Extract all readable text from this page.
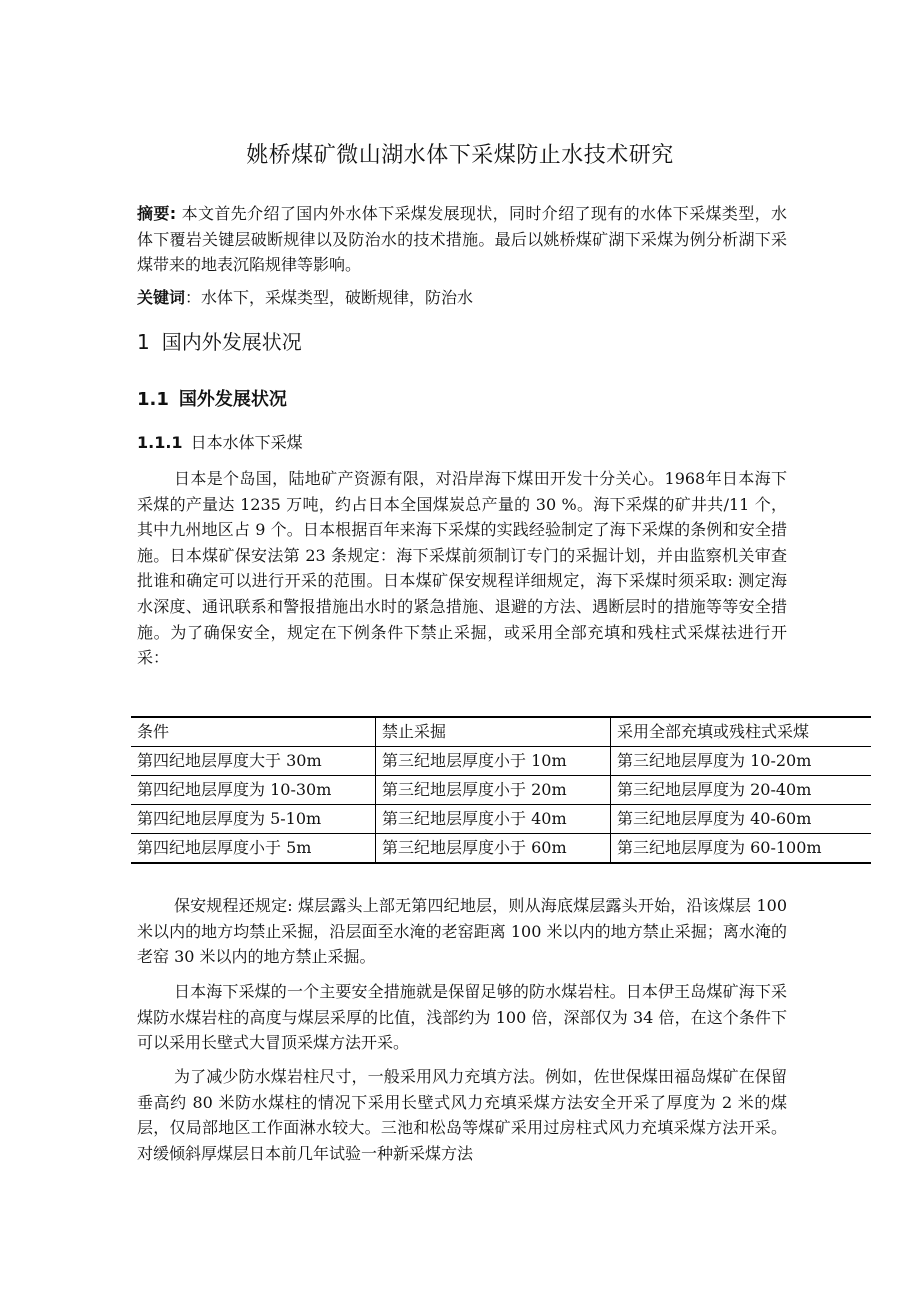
姚桥煤矿微山湖水体下采煤防止水技术研究
摘要: 本文首先介绍了国内外水体下采煤发展现状，同时介绍了现有的水体下采煤类型，水体下覆岩关键层破断规律以及防治水的技术措施。最后以姚桥煤矿湖下采煤为例分析湖下采煤带来的地表沉陷规律等影响。
关键词：水体下，采煤类型，破断规律，防治水
1 国内外发展状况
1.1 国外发展状况
1.1.1 日本水体下采煤
日本是个岛国，陆地矿产资源有限，对沿岸海下煤田开发十分关心。1968年日本海下采煤的产量达 1235 万吨，约占日本全国煤炭总产量的 30 %。海下采煤的矿井共/11 个，其中九州地区占 9 个。日本根据百年来海下采煤的实践经验制定了海下采煤的条例和安全措施。日本煤矿保安法第 23 条规定：海下采煤前须制订专门的采掘计划，并由监察机关审查批谁和确定可以进行开采的范围。日本煤矿保安规程详细规定，海下采煤时须采取: 测定海水深度、通讯联系和警报措施出水时的紧急措施、退避的方法、遇断层时的措施等等安全措施。为了确保安全，规定在下例条件下禁止采掘，或采用全部充填和残柱式采煤祛进行开采：
条件	禁止采掘	采用全部充填或残柱式采煤
第四纪地层厚度大于 30m	第三纪地层厚度小于 10m	第三纪地层厚度为 10-20m
第四纪地层厚度为 10-30m	第三纪地层厚度小于 20m	第三纪地层厚度为 20-40m
第四纪地层厚度为 5-10m	第三纪地层厚度小于 40m	第三纪地层厚度为 40-60m
第四纪地层厚度小于 5m	第三纪地层厚度小于 60m	第三纪地层厚度为 60-100m
保安规程还规定: 煤层露头上部无第四纪地层，则从海底煤层露头开始，沿该煤层 100 米以内的地方均禁止采掘，沿层面至水淹的老窑距离 100 米以内的地方禁止采掘；离水淹的老窑 30 米以内的地方禁止采掘。
日本海下采煤的一个主要安全措施就是保留足够的防水煤岩柱。日本伊王岛煤矿海下采煤防水煤岩柱的高度与煤层采厚的比值，浅部约为 100 倍，深部仅为 34 倍，在这个条件下可以采用长壁式大冒顶采煤方法开采。
为了减少防水煤岩柱尺寸，一般采用风力充填方法。例如，佐世保煤田福岛煤矿在保留垂高约 80 米防水煤柱的情况下采用长壁式风力充填采煤方法安全开采了厚度为 2 米的煤层，仅局部地区工作面淋水较大。三池和松岛等煤矿采用过房柱式风力充填采煤方法开采。对缓倾斜厚煤层日本前几年试验一种新采煤方法
